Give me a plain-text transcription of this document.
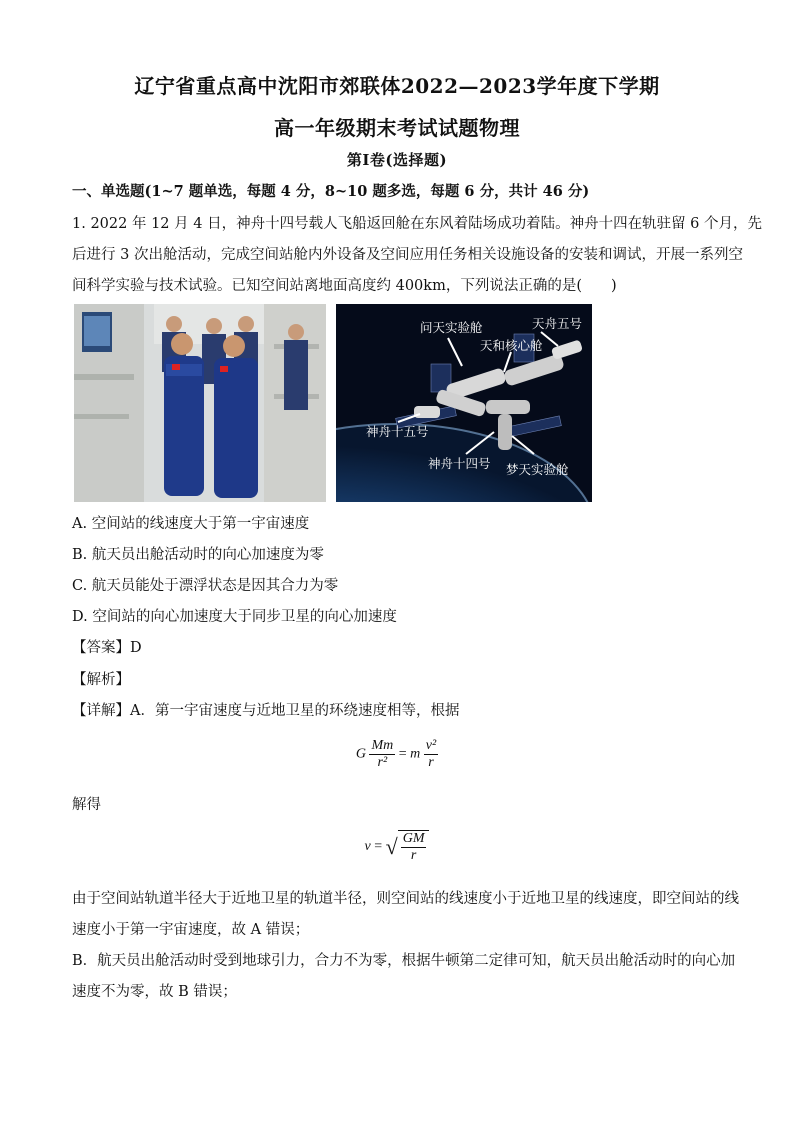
辽宁省重点高中沈阳市郊联体2022—2023学年度下学期
高一年级期末考试试题物理
第Ⅰ卷(选择题)
一、单选题(1~7 题单选，每题 4 分，8~10 题多选，每题 6 分，共计 46 分)
1. 2022 年 12 月 4 日，神舟十四号载人飞船返回舱在东风着陆场成功着陆。神舟十四在轨驻留 6 个月，先
后进行 3 次出舱活动，完成空间站舱内外设备及空间应用任务相关设施设备的安装和调试，开展一系列空
间科学实验与技术试验。已知空间站离地面高度约 400km，下列说法正确的是(　　)
问天实验舱	天舟五号
天和核心舱
神舟十五号
神舟十四号 梦天实验舱
A. 空间站的线速度大于第一宇宙速度
B. 航天员出舱活动时的向心加速度为零
C. 航天员能处于漂浮状态是因其合力为零
D. 空间站的向心加速度大于同步卫星的向心加速度
【答案】D
【解析】
【详解】A．第一宇宙速度与近地卫星的环绕速度相等，根据
G $\frac{Mm}{\text{r²}} = m \frac{\text{v²}}{r}$
解得
v = √ $\frac{GM}{r}$
由于空间站轨道半径大于近地卫星的轨道半径，则空间站的线速度小于近地卫星的线速度，即空间站的线
速度小于第一宇宙速度，故 A 错误；
B．航天员出舱活动时受到地球引力，合力不为零，根据牛顿第二定律可知，航天员出舱活动时的向心加
速度不为零，故 B 错误；
